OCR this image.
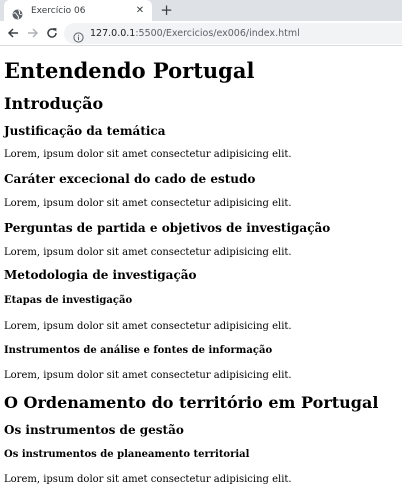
Exercício 06	✕ +
127.0.0.1:5500/Exercicios/ex006/index.html
Entendendo Portugal
Introdução
Justificação da temática

Lorem, ipsum dolor sit amet consectetur adipisicing elit.

Caráter excecional do cado de estudo

Lorem, ipsum dolor sit amet consectetur adipisicing elit.

Perguntas de partida e objetivos de investigação

Lorem, ipsum dolor sit amet consectetur adipisicing elit.

Metodologia de investigação
Etapas de investigação

Lorem, ipsum dolor sit amet consectetur adipisicing elit.

Instrumentos de análise e fontes de informação

Lorem, ipsum dolor sit amet consectetur adipisicing elit.

O Ordenamento do território em Portugal
Os instrumentos de gestão
Os instrumentos de planeamento territorial

Lorem, ipsum dolor sit amet consectetur adipisicing elit.
